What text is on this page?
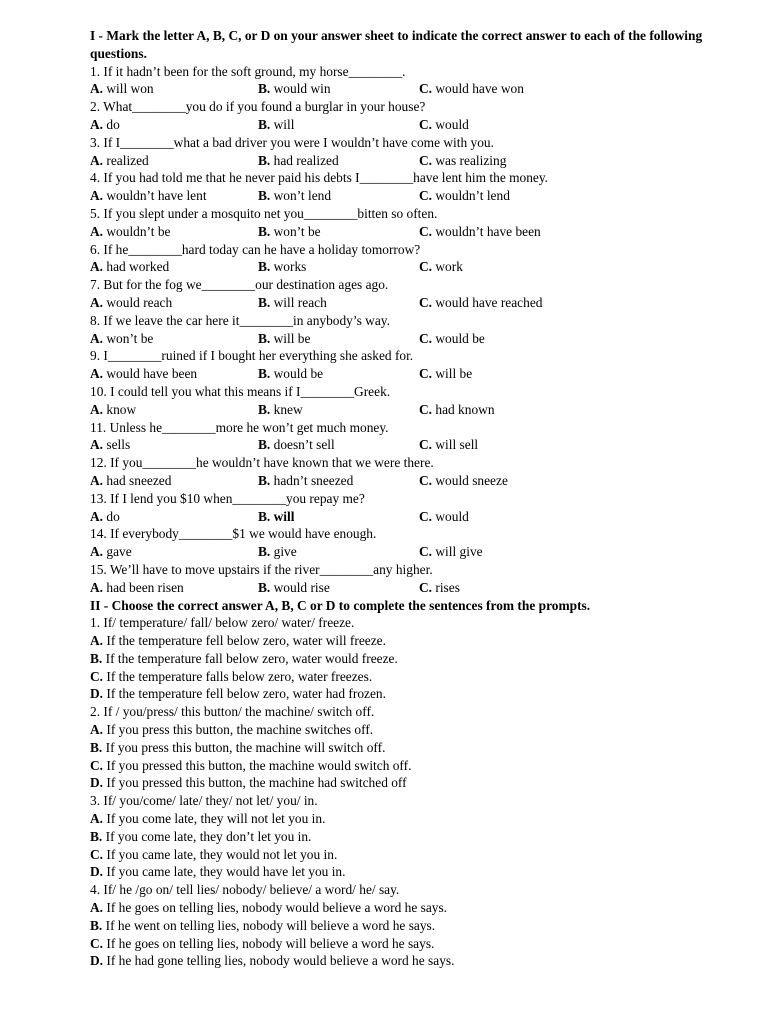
I - Mark the letter A, B, C, or D on your answer sheet to indicate the correct answer to each of the following questions.
1. If it hadn’t been for the soft ground, my horse________.
A. will won	B. would win	C. would have won
2. What________you do if you found a burglar in your house?
A. do	B. will	C. would
3. If I________what a bad driver you were I wouldn’t have come with you.
A. realized	B. had realized	C. was realizing
4. If you had told me that he never paid his debts I________have lent him the money.
A. wouldn’t have lent	B. won’t lend	C. wouldn’t lend
5. If you slept under a mosquito net you________bitten so often.
A. wouldn’t be	B. won’t be	C. wouldn’t have been
6. If he________hard today can he have a holiday tomorrow?
A. had worked	B. works	C. work
7. But for the fog we________our destination ages ago.
A. would reach	B. will reach	C. would have reached
8. If we leave the car here it________in anybody’s way.
A. won’t be	B. will be	C. would be
9. I________ruined if I bought her everything she asked for.
A. would have been	B. would be	C. will be
10. I could tell you what this means if I________Greek.
A. know	B. knew	C. had known
11. Unless he________more he won’t get much money.
A. sells	B. doesn’t sell	C. will sell
12. If you________he wouldn’t have known that we were there.
A. had sneezed	B. hadn’t sneezed	C. would sneeze
13. If I lend you $10 when________you repay me?
A. do	B. will	C. would
14. If everybody________$1 we would have enough.
A. gave	B. give	C. will give
15. We’ll have to move upstairs if the river________any higher.
A. had been risen	B. would rise	C. rises
II - Choose the correct answer A, B, C or D to complete the sentences from the prompts.
1. If/ temperature/ fall/ below zero/ water/ freeze.
A. If the temperature fell below zero, water will freeze.
B. If the temperature fall below zero, water would freeze.
C. If the temperature falls below zero, water freezes.
D. If the temperature fell below zero, water had frozen.
2. If / you/press/ this button/ the machine/ switch off.
A. If you press this button, the machine switches off.
B. If you press this button, the machine will switch off.
C. If you pressed this button, the machine would switch off.
D. If you pressed this button, the machine had switched off
3. If/ you/come/ late/ they/ not let/ you/ in.
A. If you come late, they will not let you in.
B. If you come late, they don’t let you in.
C. If you came late, they would not let you in.
D. If you came late, they would have let you in.
4. If/ he /go on/ tell lies/ nobody/ believe/ a word/ he/ say.
A. If he goes on telling lies, nobody would believe a word he says.
B. If he went on telling lies, nobody will believe a word he says.
C. If he goes on telling lies, nobody will believe a word he says.
D. If he had gone telling lies, nobody would believe a word he says.
